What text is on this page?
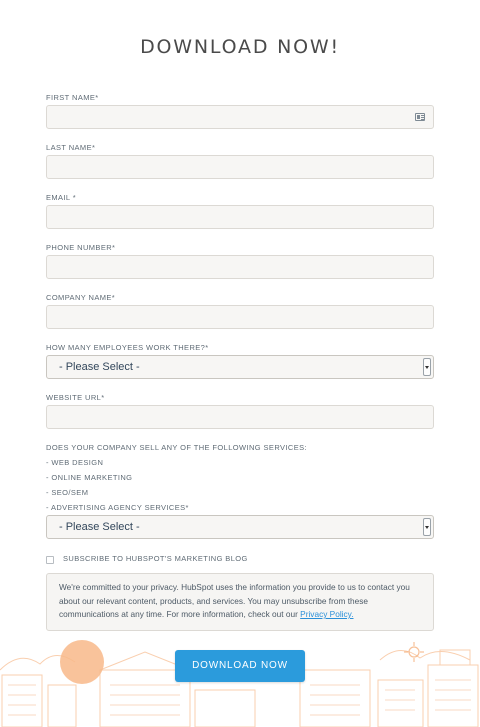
DOWNLOAD NOW!
FIRST NAME*
LAST NAME*
EMAIL *
PHONE NUMBER*
COMPANY NAME*
HOW MANY EMPLOYEES WORK THERE?*
- Please Select -
WEBSITE URL*
DOES YOUR COMPANY SELL ANY OF THE FOLLOWING SERVICES:
- WEB DESIGN
- ONLINE MARKETING
- SEO/SEM
- ADVERTISING AGENCY SERVICES*
- Please Select -
SUBSCRIBE TO HUBSPOT'S MARKETING BLOG
We're committed to your privacy. HubSpot uses the information you provide to us to contact you about our relevant content, products, and services. You may unsubscribe from these communications at any time. For more information, check out our Privacy Policy.
DOWNLOAD NOW
